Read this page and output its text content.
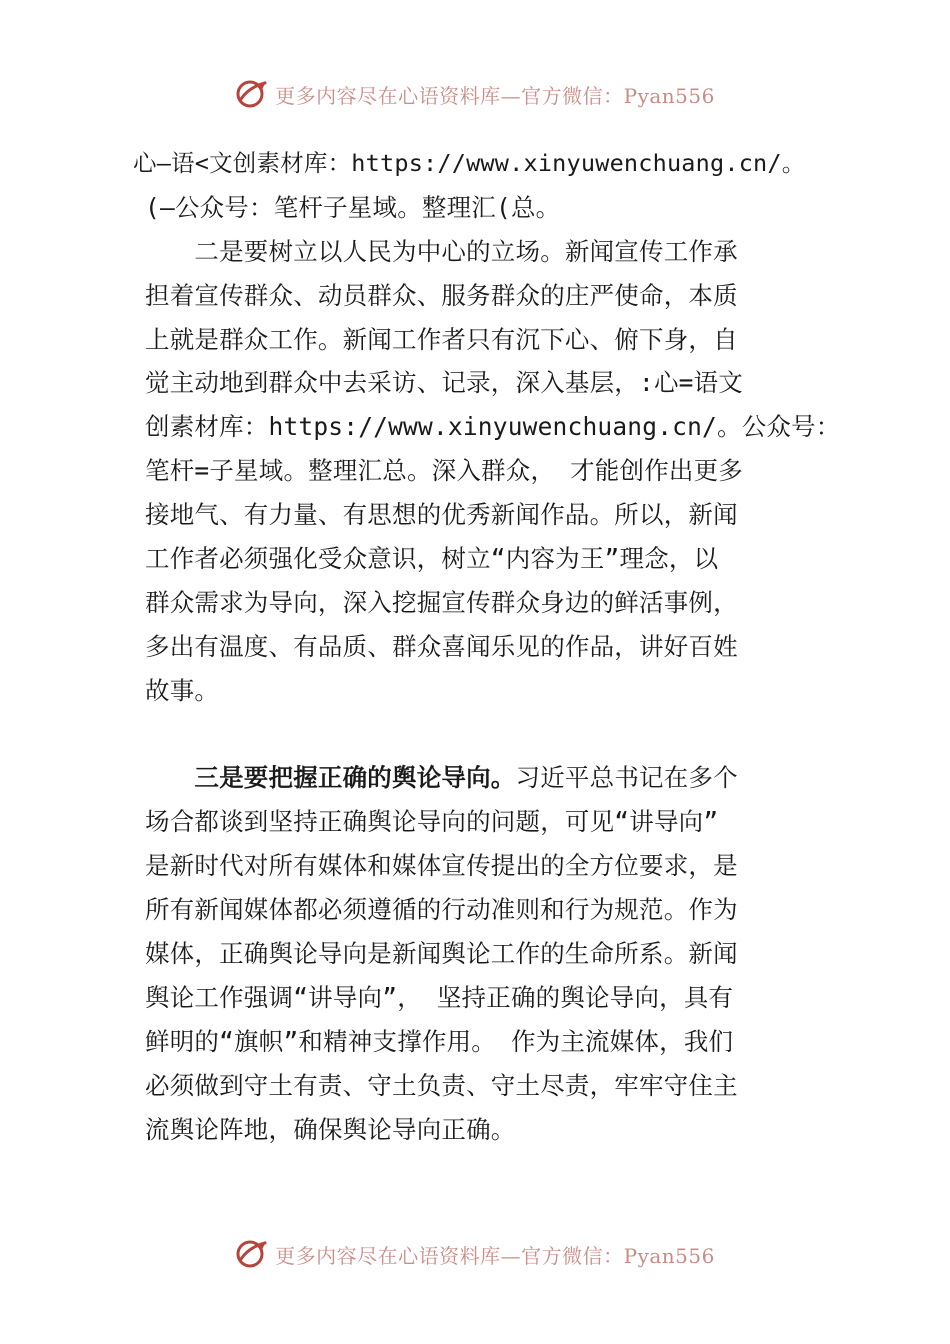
更多内容尽在心语资料库—官方微信：Pyan556
心—语<文创素材库：https://www.xinyuwenchuang.cn/。
(—公众号：笔杆子星域。整理汇(总。
　　二是要树立以人民为中心的立场。新闻宣传工作承
担着宣传群众、动员群众、服务群众的庄严使命，本质
上就是群众工作。新闻工作者只有沉下心、俯下身，自
觉主动地到群众中去采访、记录，深入基层，:心=语文
创素材库：https://www.xinyuwenchuang.cn/。公众号：
笔杆=子星域。整理汇总。深入群众， 才能创作出更多
接地气、有力量、有思想的优秀新闻作品。所以，新闻
工作者必须强化受众意识，树立“内容为王”理念，以
群众需求为导向，深入挖掘宣传群众身边的鲜活事例，
多出有温度、有品质、群众喜闻乐见的作品，讲好百姓
故事。
　　三是要把握正确的舆论导向。习近平总书记在多个
场合都谈到坚持正确舆论导向的问题，可见“讲导向”
是新时代对所有媒体和媒体宣传提出的全方位要求，是
所有新闻媒体都必须遵循的行动准则和行为规范。作为
媒体，正确舆论导向是新闻舆论工作的生命所系。新闻
舆论工作强调“讲导向”， 坚持正确的舆论导向，具有
鲜明的“旗帜”和精神支撑作用。 作为主流媒体，我们
必须做到守土有责、守土负责、守土尽责，牢牢守住主
流舆论阵地，确保舆论导向正确。
更多内容尽在心语资料库—官方微信：Pyan556
